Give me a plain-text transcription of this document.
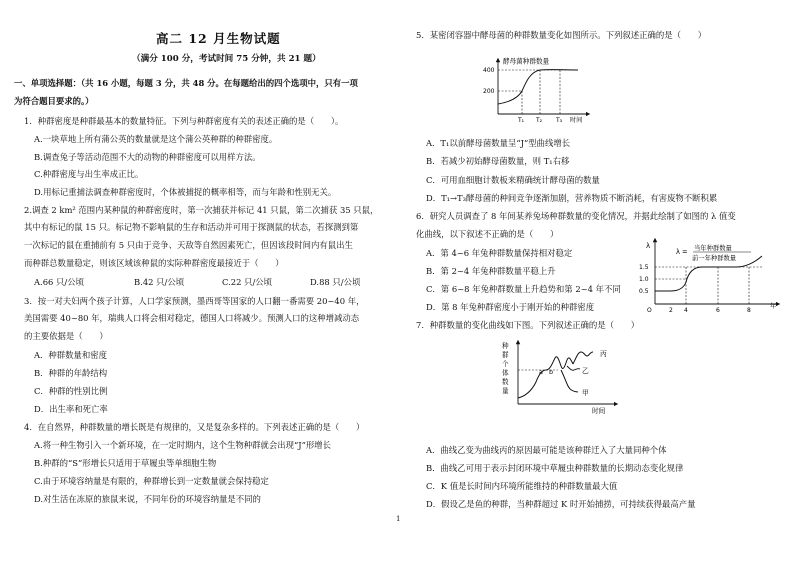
高二 12 月生物试题
（满分 100 分，考试时间 75 分钟，共 21 题）
一、单项选择题：（共 16 小题，每题 3 分，共 48 分。在每题给出的四个选项中，只有一项
为符合题目要求的。）
1．种群密度是种群最基本的数量特征。下列与种群密度有关的表述正确的是（　　）。
A.一块草地上所有蒲公英的数量就是这个蒲公英种群的种群密度。
B.调查兔子等活动范围不大的动物的种群密度可以用样方法。
C.种群密度与出生率成正比。
D.用标记重捕法调查种群密度时，个体被捕捉的概率相等，而与年龄和性别无关。
2.调查 2 km² 范围内某种鼠的种群密度时，第一次捕获并标记 41 只鼠，第二次捕获 35 只鼠，
其中有标记的鼠 15 只。标记物不影响鼠的生存和活动并可用于探测鼠的状态，若探测到第
一次标记的鼠在重捕前有 5 只由于竞争、天敌等自然因素死亡，但因该段时间内有鼠出生
而种群总数量稳定，则该区域该种鼠的实际种群密度最接近于（　　）
A.66 只/公顷	B.42 只/公顷	C.22 只/公顷	D.88 只/公顷
3．按一对夫妇两个孩子计算，人口学家预测，墨西哥等国家的人口翻一番需要 20~40 年，
美国需要 40~80 年，瑞典人口将会相对稳定，德国人口将减少。预测人口的这种增减动态
的主要依据是（　　）
A．种群数量和密度
B．种群的年龄结构
C．种群的性别比例
D．出生率和死亡率
4．在自然界，种群数量的增长既是有规律的，又是复杂多样的。下列表述正确的是（　　）
A.将一种生物引入一个新环境，在一定时期内，这个生物种群就会出现“J”形增长
B.种群的“S”形增长只适用于草履虫等单细胞生物
C.由于环境容纳量是有限的，种群增长到一定数量就会保持稳定
D.对生活在冻原的旅鼠来说，不同年份的环境容纳量是不同的
5．某密闭容器中酵母菌的种群数量变化如图所示。下列叙述正确的是（　　）
酵母菌种群数量
400
200
T₁ T₂ T₃ 时间
A．T₁以前酵母菌数量呈“J”型曲线增长
B．若减少初始酵母菌数量，则 T₁右移
C．可用血细胞计数板来精确统计酵母菌的数量
D．T₁→T₃酵母菌的种间竞争逐渐加剧，营养物质不断消耗，有害废物不断积累
6．研究人员调查了 8 年间某养兔场种群数量的变化情况，并据此绘制了如图的 λ 值变
化曲线，以下叙述不正确的是（　　）
A．第 4~6 年兔种群数量保持相对稳定
B．第 2~4 年兔种群数量平稳上升
C．第 6~8 年兔种群数量上升趋势和第 2~4 年不同
D．第 8 年兔种群密度小于刚开始的种群密度
λ
λ = 当年种群数量
前一年种群数量
1.5
1.0
0.5
O	2 4	6	8
年
7．种群数量的变化曲线如下图。下列叙述正确的是（　　）
种
群
个
体
数
量
a b
丙
乙
甲
时间
A．曲线乙变为曲线丙的原因最可能是该种群迁入了大量同种个体
B．曲线乙可用于表示封闭环境中草履虫种群数量的长期动态变化规律
C．K 值是长时间内环境所能维持的种群数量最大值
D．假设乙是鱼的种群，当种群超过 K 时开始捕捞，可持续获得最高产量
1
